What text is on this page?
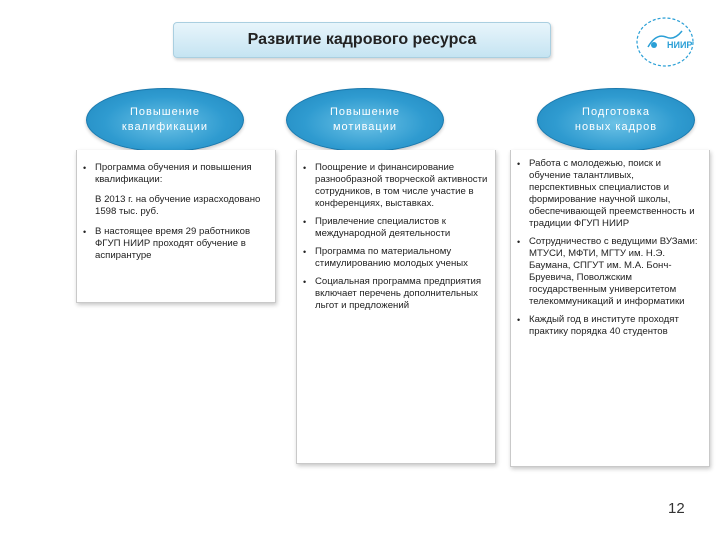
Развитие кадрового ресурса	НИИР
Повышение
квалификации
• Программа обучения и повышения квалификации:

В 2013 г. на обучение израсходовано 1598 тыс. руб.

• В настоящее время 29 работников ФГУП НИИР проходят обучение в аспирантуре
Повышение
мотивации
• Поощрение и финансирование разнообразной творческой активности сотрудников, в том числе участие в конференциях, выставках.
• Привлечение специалистов к международной деятельности
• Программа по материальному стимулированию молодых ученых
• Социальная программа предприятия включает перечень дополнительных льгот и предложений
Подготовка
новых кадров
• Работа с молодежью, поиск и обучение талантливых, перспективных специалистов и формирование научной школы, обеспечивающей преемственность и традиции ФГУП НИИР
• Сотрудничество с ведущими ВУЗами: МТУСИ, МФТИ, МГТУ им. Н.Э. Баумана, СПГУТ им. М.А. Бонч-Бруевича, Поволжским государственным университетом телекоммуникаций и информатики
• Каждый год в институте проходят практику порядка 40 студентов
12
